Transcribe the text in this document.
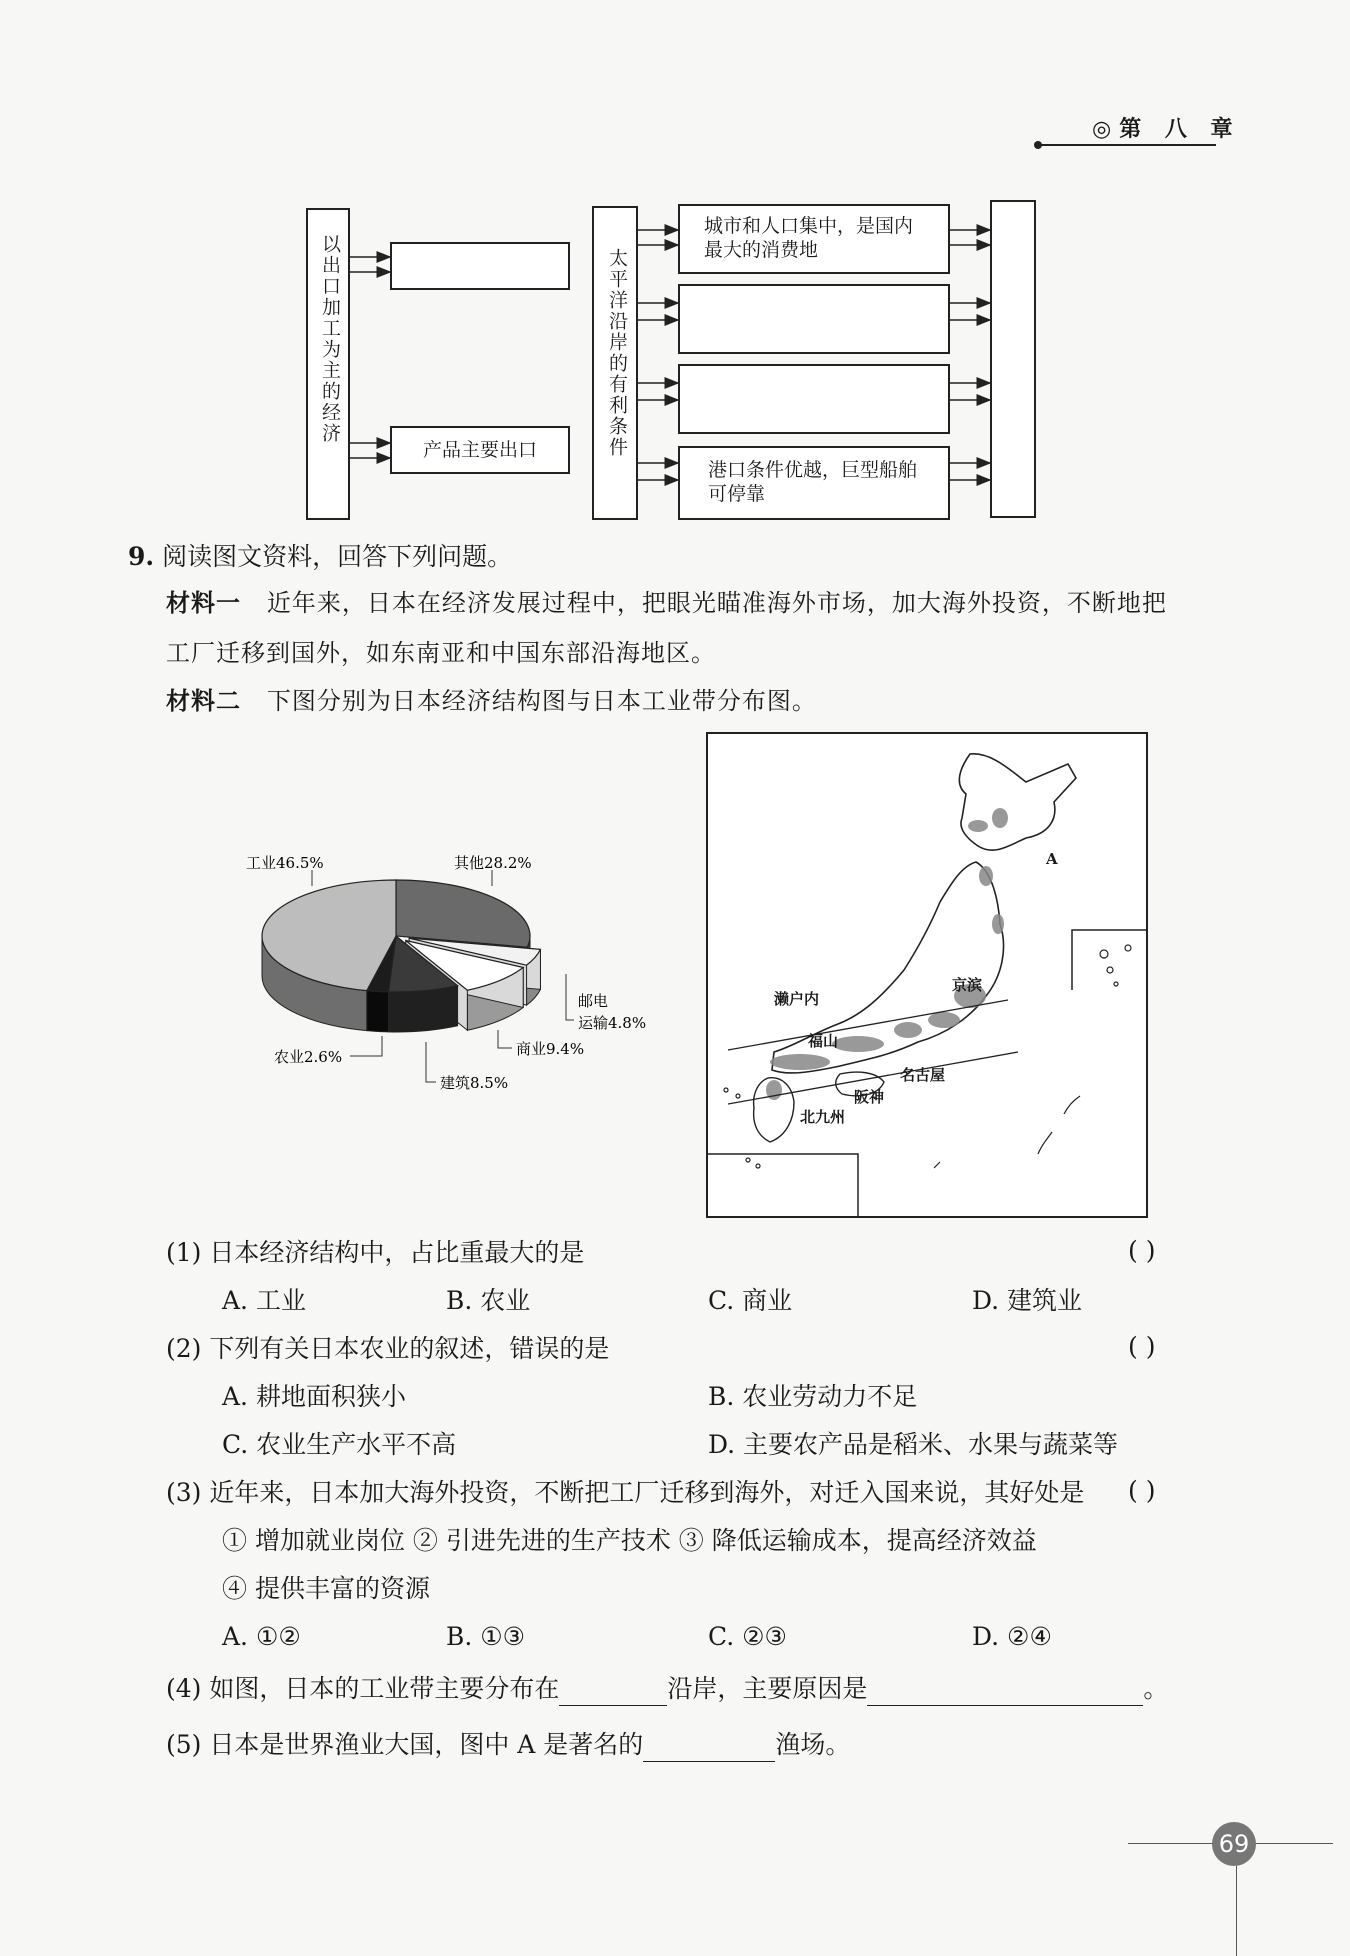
◎第 八 章
以出口加工为主的经济
产品主要出口	太平洋沿岸的有利条件
城市和人口集中，是国内最大的消费地
港口条件优越，巨型船舶可停靠
9. 阅读图文资料，回答下列问题。
材料一 近年来，日本在经济发展过程中，把眼光瞄准海外市场，加大海外投资，不断地把
工厂迁移到国外，如东南亚和中国东部沿海地区。
材料二 下图分别为日本经济结构图与日本工业带分布图。
工业46.5%	其他28.2%
邮电
运输4.8%
商业9.4%
建筑8.5%
农业2.6%
A
京滨
濑户内
福山
名古屋
阪神
北九州
(1) 日本经济结构中，占比重最大的是	( )
A. 工业	B. 农业	C. 商业	D. 建筑业
(2) 下列有关日本农业的叙述，错误的是	( )
A. 耕地面积狭小	B. 农业劳动力不足
C. 农业生产水平不高	D. 主要农产品是稻米、水果与蔬菜等
(3) 近年来，日本加大海外投资，不断把工厂迁移到海外，对迁入国来说，其好处是 ( )
① 增加就业岗位 ② 引进先进的生产技术 ③ 降低运输成本，提高经济效益
④ 提供丰富的资源
A. ①②	B. ①③	C. ②③	D. ②④
(4) 如图，日本的工业带主要分布在	沿岸，主要原因是	。
(5) 日本是世界渔业大国，图中 A 是著名的	渔场。
69
